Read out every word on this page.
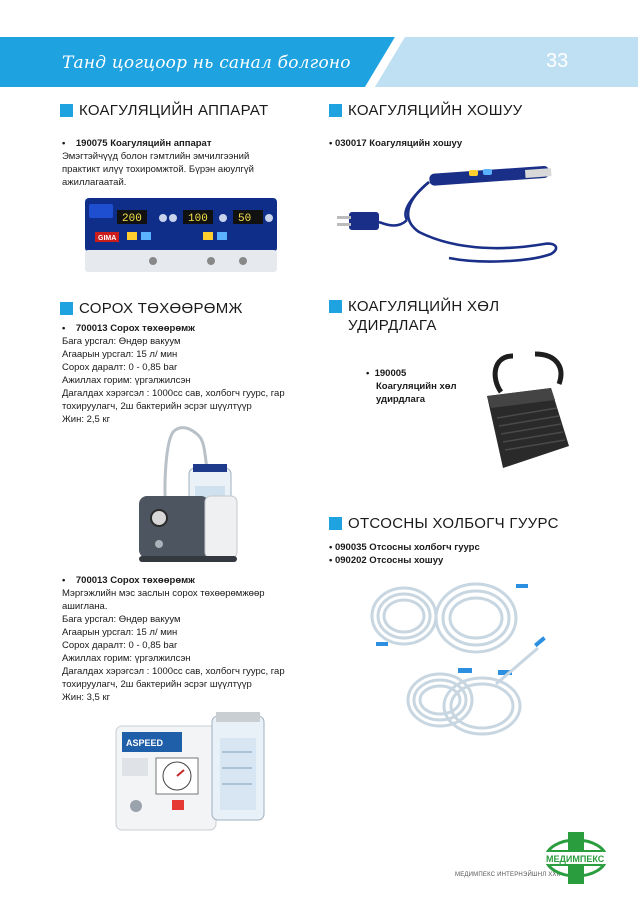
Танд цогцоор нь санал болгоно	33
КОАГУЛЯЦИЙН АППАРАТ
•    190075 Коагуляцийн аппарат
Эмэгтэйчүүд болон гэмтлийн эмчилгээний
практикт илүү тохиромжтой. Бүрэн аюулгүй
ажиллагаатай.
200	100	50
GIMA
КОАГУЛЯЦИЙН ХОШУУ
• 030017 Коагуляцийн хошуу
СОРОХ ТӨХӨӨРӨМЖ
•    700013 Сорох төхөөрөмж
Бага урсгал: Өндөр вакуум
Агаарын урсгал: 15 л/ мин
Сорох даралт: 0 - 0,85 bar
Ажиллах горим: үргэлжилсэн
Дагалдах хэрэгсэл : 1000сс сав, холбогч гуурс, гар
тохируулагч, 2ш бактерийн эсрэг шүүлтүүр
Жин: 2,5 кг
•    700013 Сорох төхөөрөмж
Мэргэжлийн мэс заслын сорох төхөөрөмжөөр
ашиглана.
Бага урсгал: Өндөр вакуум
Агаарын урсгал: 15 л/ мин
Сорох даралт: 0 - 0,85 bar
Ажиллах горим: үргэлжилсэн
Дагалдах хэрэгсэл : 1000сс сав, холбогч гуурс, гар
тохируулагч, 2ш бактерийн эсрэг шүүлтүүр
Жин: 3,5 кг
ASPEED
КОАГУЛЯЦИЙН ХӨЛ
УДИРДЛАГА
•  190005
Коагуляцийн хөл
удирдлага
ОТСОСНЫ ХОЛБОГЧ ГУУРС
• 090035 Отсосны холбогч гуурс
• 090202 Отсосны хошуу
МЕДИМПЕКС ИНТЕРНЭЙШНЛ ХХК
МЕДИМПЕКС
